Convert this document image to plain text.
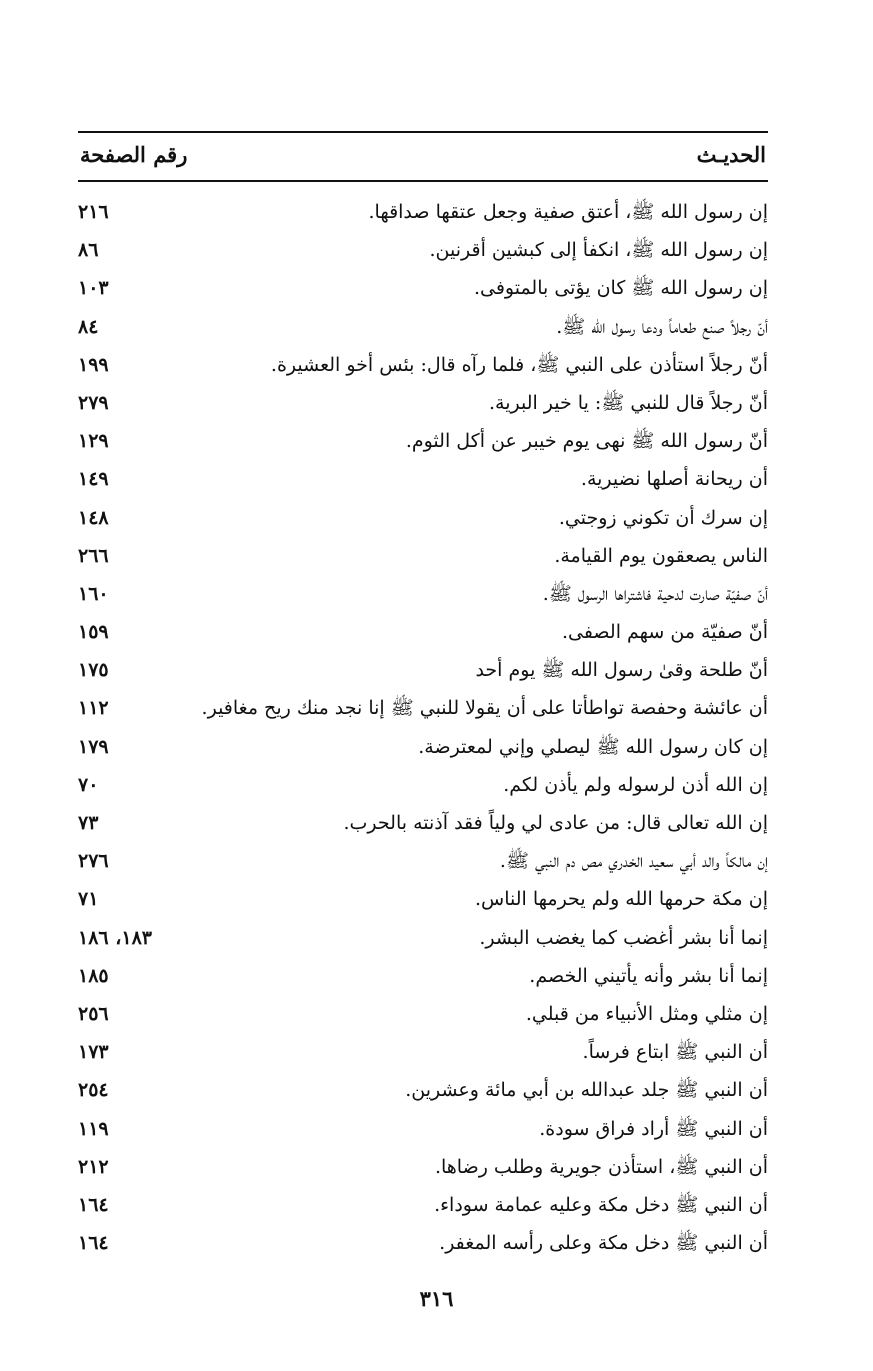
الحديـث
رقم الصفحة
إن رسول الله ﷺ، أعتق صفية وجعل عتقها صداقها.
٢١٦
إن رسول الله ﷺ، انكفأ إلى كبشين أقرنين.
٨٦
إن رسول الله ﷺ كان يؤتى بالمتوفى.
١٠٣
أنّ رجلاً صنع طعاماً ودعا رسول الله ﷺ.
٨٤
أنّ رجلاً استأذن على النبي ﷺ، فلما رآه قال: بئس أخو العشيرة.
١٩٩
أنّ رجلاً قال للنبي ﷺ: يا خير البرية.
٢٧٩
أنّ رسول الله ﷺ نهى يوم خيبر عن أكل الثوم.
١٢٩
أن ريحانة أصلها نضيرية.
١٤٩
إن سرك أن تكوني زوجتي.
١٤٨
الناس يصعقون يوم القيامة.
٢٦٦
أنّ صفيّة صارت لدحية فاشتراها الرسول ﷺ.
١٦٠
أنّ صفيّة من سهم الصفى.
١٥٩
أنّ طلحة وقىٰ رسول الله ﷺ يوم أحد
١٧٥
أن عائشة وحفصة تواطأتا على أن يقولا للنبي ﷺ إنا نجد منك ريح مغافير.
١١٢
إن كان رسول الله ﷺ ليصلي وإني لمعترضة.
١٧٩
إن الله أذن لرسوله ولم يأذن لكم.
٧٠
إن الله تعالى قال: من عادى لي ولياً فقد آذنته بالحرب.
٧٣
إن مالكاً والد أبي سعيد الخدري مص دم النبي ﷺ.
٢٧٦
إن مكة حرمها الله ولم يحرمها الناس.
٧١
إنما أنا بشر أغضب كما يغضب البشر.
١٨٣، ١٨٦
إنما أنا بشر وأنه يأتيني الخصم.
١٨٥
إن مثلي ومثل الأنبياء من قبلي.
٢٥٦
أن النبي ﷺ ابتاع فرساً.
١٧٣
أن النبي ﷺ جلد عبدالله بن أبي مائة وعشرين.
٢٥٤
أن النبي ﷺ أراد فراق سودة.
١١٩
أن النبي ﷺ، استأذن جويرية وطلب رضاها.
٢١٢
أن النبي ﷺ دخل مكة وعليه عمامة سوداء.
١٦٤
أن النبي ﷺ دخل مكة وعلى رأسه المغفر.
١٦٤
٣١٦
